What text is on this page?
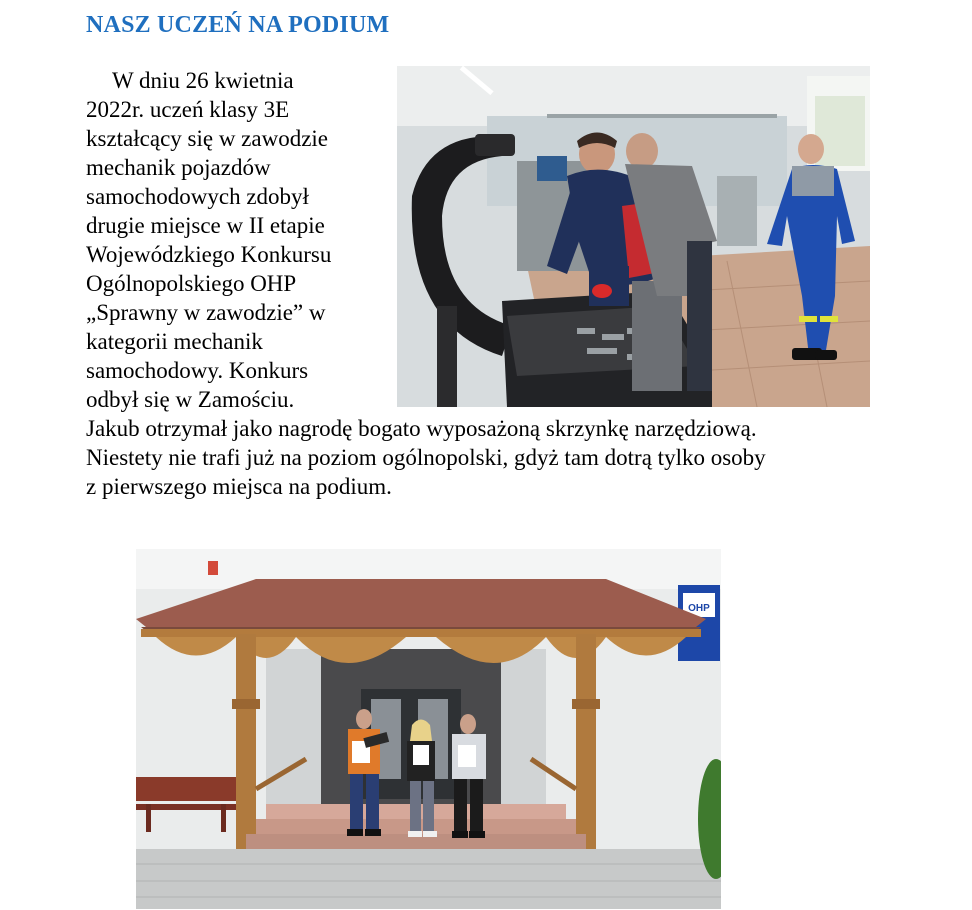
NASZ UCZEŃ NA PODIUM
W dniu 26 kwietnia
2022r. uczeń klasy 3E
kształcący się w zawodzie
mechanik pojazdów
samochodowych zdobył
drugie miejsce w II etapie
Wojewódzkiego Konkursu
Ogólnopolskiego OHP
„Sprawny w zawodzie” w
kategorii mechanik
samochodowy. Konkurs
odbył się w Zamościu.
Jakub otrzymał jako nagrodę bogato wyposażoną skrzynkę narzędziową.
Niestety nie trafi już na poziom ogólnopolski, gdyż tam dotrą tylko osoby
z pierwszego miejsca na podium.
OHP
